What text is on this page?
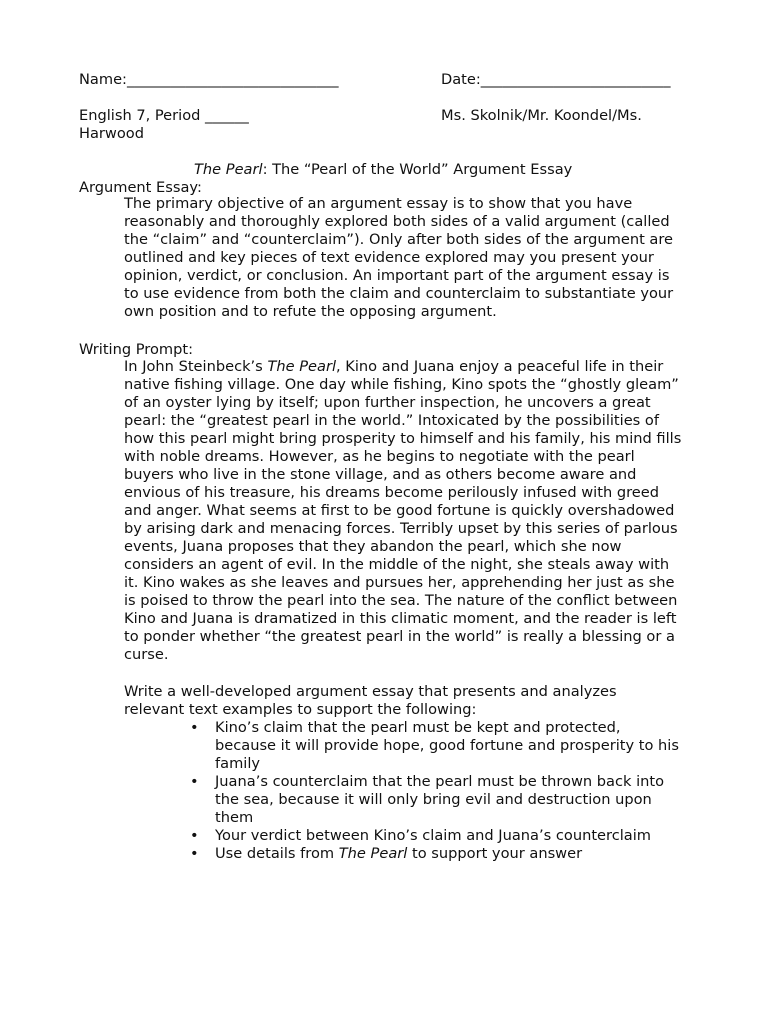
Name:_____________________________	Date:__________________________
English 7, Period ______	Ms. Skolnik/Mr. Koondel/Ms.
Harwood
The Pearl: The “Pearl of the World” Argument Essay
Argument Essay:
The primary objective of an argument essay is to show that you have
reasonably and thoroughly explored both sides of a valid argument (called
the “claim” and “counterclaim”). Only after both sides of the argument are
outlined and key pieces of text evidence explored may you present your
opinion, verdict, or conclusion. An important part of the argument essay is
to use evidence from both the claim and counterclaim to substantiate your
own position and to refute the opposing argument.
Writing Prompt:
In John Steinbeck’s The Pearl, Kino and Juana enjoy a peaceful life in their
native fishing village. One day while fishing, Kino spots the “ghostly gleam”
of an oyster lying by itself; upon further inspection, he uncovers a great
pearl: the “greatest pearl in the world.” Intoxicated by the possibilities of
how this pearl might bring prosperity to himself and his family, his mind fills
with noble dreams. However, as he begins to negotiate with the pearl
buyers who live in the stone village, and as others become aware and
envious of his treasure, his dreams become perilously infused with greed
and anger. What seems at first to be good fortune is quickly overshadowed
by arising dark and menacing forces. Terribly upset by this series of parlous
events, Juana proposes that they abandon the pearl, which she now
considers an agent of evil. In the middle of the night, she steals away with
it. Kino wakes as she leaves and pursues her, apprehending her just as she
is poised to throw the pearl into the sea. The nature of the conflict between
Kino and Juana is dramatized in this climatic moment, and the reader is left
to ponder whether “the greatest pearl in the world” is really a blessing or a
curse.
Write a well-developed argument essay that presents and analyzes
relevant text examples to support the following:
• Kino’s claim that the pearl must be kept and protected,
because it will provide hope, good fortune and prosperity to his
family
• Juana’s counterclaim that the pearl must be thrown back into
the sea, because it will only bring evil and destruction upon
them
• Your verdict between Kino’s claim and Juana’s counterclaim
• Use details from The Pearl to support your answer
